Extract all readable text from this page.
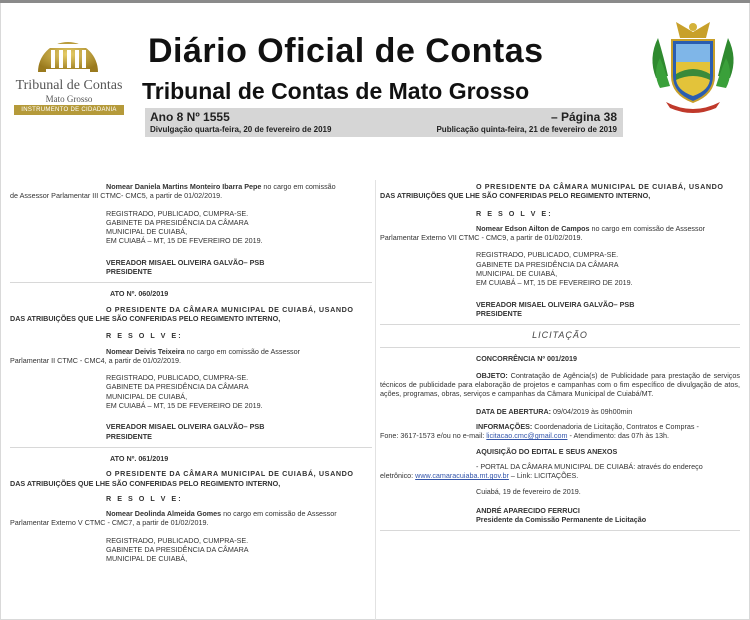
Tribunal de Contas
Mato Grosso
INSTRUMENTO DE CIDADANIA
Diário Oficial de Contas
Tribunal de Contas de Mato Grosso
Ano 8 Nº 1555	– Página 38
Divulgação quarta-feira, 20 de fevereiro de 2019	Publicação quinta-feira, 21 de fevereiro de 2019
Nomear Daniela Martins Monteiro Ibarra Pepe no cargo em comissão
de Assessor Parlamentar III CTMC- CMC5, a partir de 01/02/2019.
REGISTRADO, PUBLICADO, CUMPRA-SE.
GABINETE DA PRESIDÊNCIA DA CÂMARA
MUNICIPAL DE CUIABÁ,
EM CUIABÁ – MT, 15 DE FEVEREIRO DE 2019.
VEREADOR MISAEL OLIVEIRA GALVÃO– PSB
PRESIDENTE
ATO Nº. 060/2019
O PRESIDENTE DA CÂMARA MUNICIPAL DE CUIABÁ, USANDO
DAS ATRIBUIÇÕES QUE LHE SÃO CONFERIDAS PELO REGIMENTO INTERNO,
R E S O L V E:
Nomear Deivis Teixeira no cargo em comissão de Assessor
Parlamentar II CTMC - CMC4, a partir de 01/02/2019.
REGISTRADO, PUBLICADO, CUMPRA-SE.
GABINETE DA PRESIDÊNCIA DA CÂMARA
MUNICIPAL DE CUIABÁ,
EM CUIABÁ – MT, 15 DE FEVEREIRO DE 2019.
VEREADOR MISAEL OLIVEIRA GALVÃO– PSB
PRESIDENTE
ATO Nº. 061/2019
O PRESIDENTE DA CÂMARA MUNICIPAL DE CUIABÁ, USANDO
DAS ATRIBUIÇÕES QUE LHE SÃO CONFERIDAS PELO REGIMENTO INTERNO,
R E S O L V E:
Nomear Deolinda Almeida Gomes no cargo em comissão de Assessor
Parlamentar Externo V CTMC - CMC7, a partir de 01/02/2019.
REGISTRADO, PUBLICADO, CUMPRA-SE.
GABINETE DA PRESIDÊNCIA DA CÂMARA
MUNICIPAL DE CUIABÁ,
O PRESIDENTE DA CÂMARA MUNICIPAL DE CUIABÁ, USANDO
DAS ATRIBUIÇÕES QUE LHE SÃO CONFERIDAS PELO REGIMENTO INTERNO,
R E S O L V E:
Nomear Edson Ailton de Campos no cargo em comissão de Assessor
Parlamentar Externo VII CTMC - CMC9, a partir de 01/02/2019.
REGISTRADO, PUBLICADO, CUMPRA-SE.
GABINETE DA PRESIDÊNCIA DA CÂMARA
MUNICIPAL DE CUIABÁ,
EM CUIABÁ – MT, 15 DE FEVEREIRO DE 2019.
VEREADOR MISAEL OLIVEIRA GALVÃO– PSB
PRESIDENTE
LICITAÇÃO
CONCORRÊNCIA Nº 001/2019
OBJETO: Contratação de Agência(s) de Publicidade para prestação de serviços técnicos de publicidade para elaboração de projetos e campanhas com o fim específico de divulgação de atos, ações, programas, obras, serviços e campanhas da Câmara Municipal de Cuiabá/MT.
DATA DE ABERTURA: 09/04/2019 às 09h00min
INFORMAÇÕES: Coordenadoria de Licitação, Contratos e Compras -
Fone: 3617-1573 e/ou no e-mail: licitacao.cmc@gmail.com - Atendimento: das 07h às 13h.
AQUISIÇÃO DO EDITAL E SEUS ANEXOS
- PORTAL DA CÂMARA MUNICIPAL DE CUIABÁ: através do endereço
eletrônico: www.camaracuiaba.mt.gov.br – Link: LICITAÇÕES.
Cuiabá, 19 de fevereiro de 2019.
ANDRÉ APARECIDO FERRUCI
Presidente da Comissão Permanente de Licitação
